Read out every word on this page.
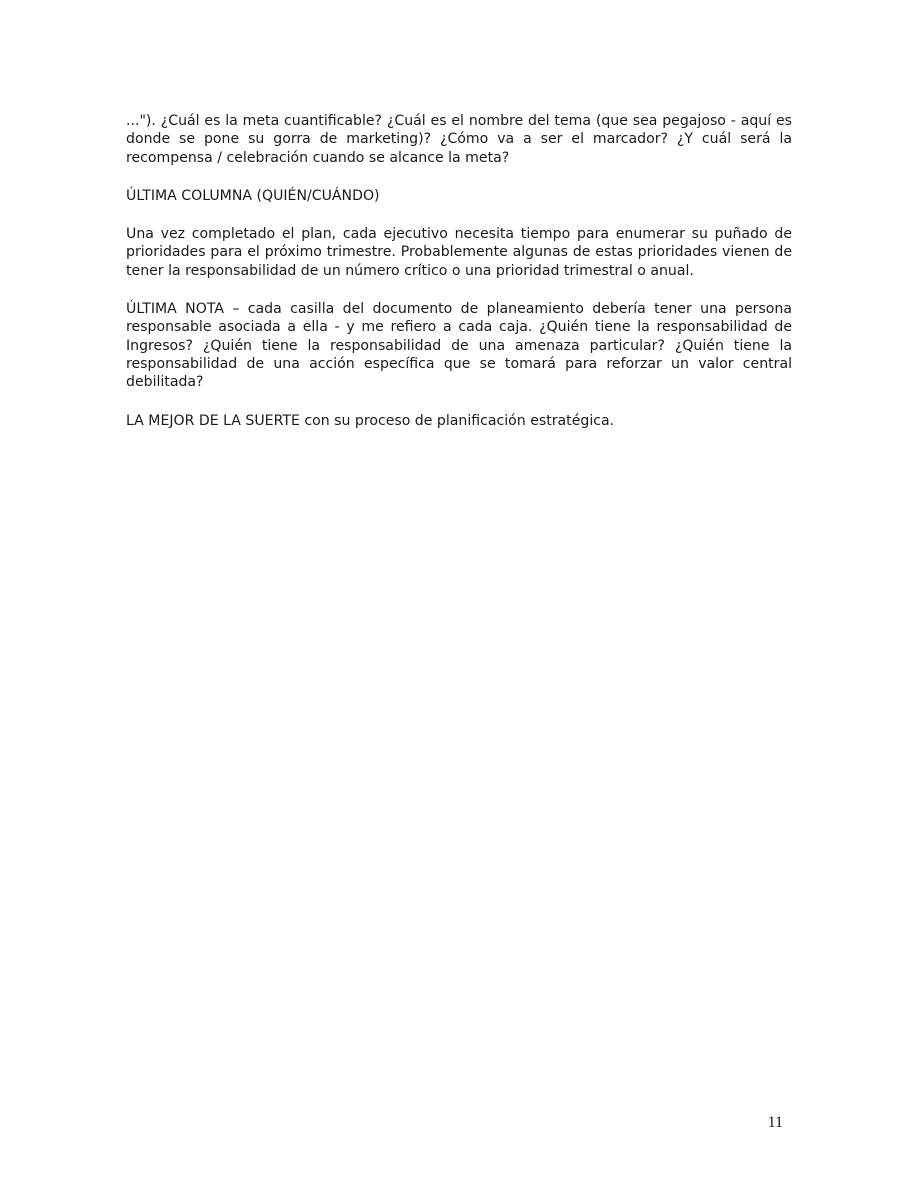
..."). ¿Cuál es la meta cuantificable? ¿Cuál es el nombre del tema (que sea pegajoso - aquí es donde se pone su gorra de marketing)? ¿Cómo va a ser el marcador? ¿Y cuál será la recompensa / celebración cuando se alcance la meta?

ÚLTIMA COLUMNA (QUIÉN/CUÁNDO)

Una vez completado el plan, cada ejecutivo necesita tiempo para enumerar su puñado de prioridades para el próximo trimestre. Probablemente algunas de estas prioridades vienen de tener la responsabilidad de un número crítico o una prioridad trimestral o anual.

ÚLTIMA NOTA – cada casilla del documento de planeamiento debería tener una persona responsable asociada a ella - y me refiero a cada caja. ¿Quién tiene la responsabilidad de Ingresos? ¿Quién tiene la responsabilidad de una amenaza particular? ¿Quién tiene la responsabilidad de una acción específica que se tomará para reforzar un valor central debilitada?

LA MEJOR DE LA SUERTE con su proceso de planificación estratégica.

11
